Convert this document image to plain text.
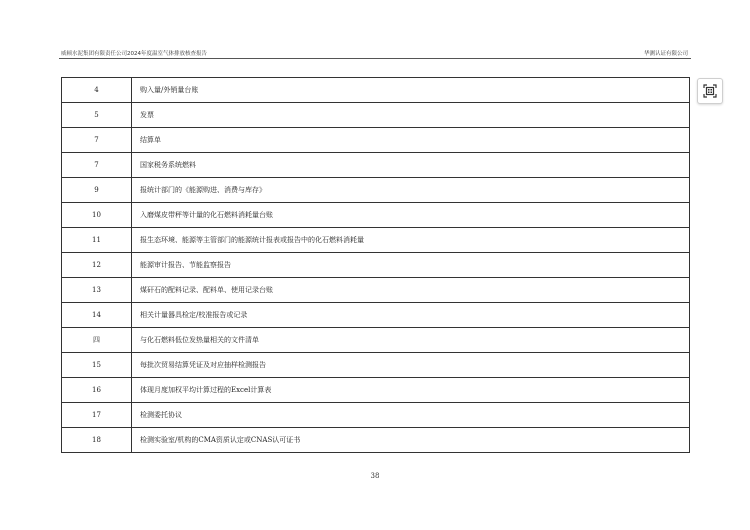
威顿水泥集团有限责任公司2024年度温室气体排放核查报告	华测认证有限公司
4	购入量/外销量台账
5	发票
7	结算单
7	国家税务系统燃料
9	报统计部门的《能源购进、消费与库存》
10	入磨煤皮带秤等计量的化石燃料消耗量台账
11	报生态环境、能源等主管部门的能源统计报表或报告中的化石燃料消耗量
12	能源审计报告、节能监察报告
13	煤矸石的配料记录、配料单、使用记录台账
14	相关计量器具检定/校准报告或记录
四	与化石燃料低位发热量相关的文件清单
15	每批次贸易结算凭证及对应抽样检测报告
16	体现月度加权平均计算过程的Excel计算表
17	检测委托协议
18	检测实验室/机构的CMA资质认定或CNAS认可证书
38
